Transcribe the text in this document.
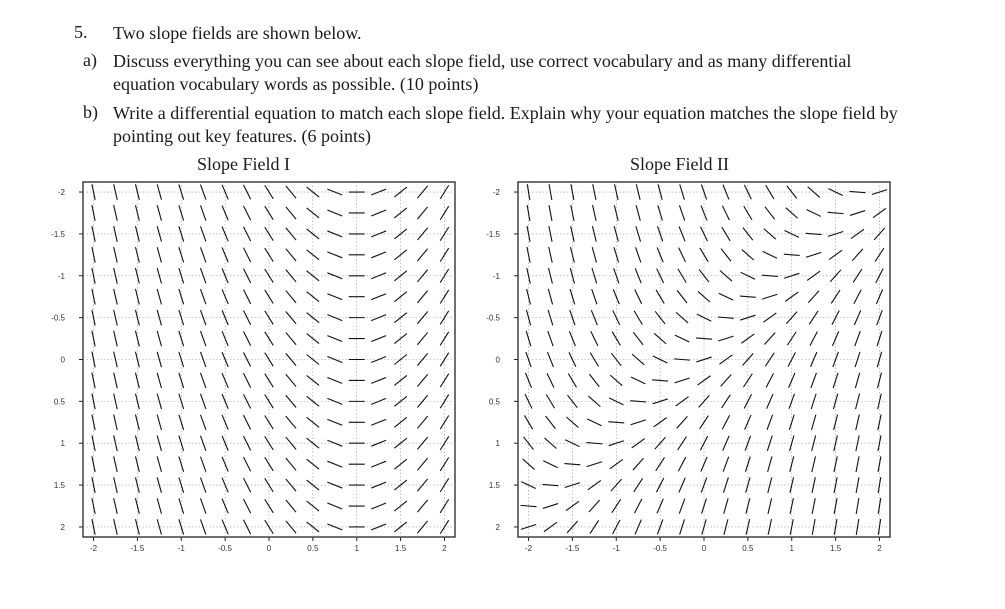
5. Two slope fields are shown below.
a) Discuss everything you can see about each slope field, use correct vocabulary and as many differential equation vocabulary words as possible. (10 points)
b) Write a differential equation to match each slope field. Explain why your equation matches the slope field by pointing out key features. (6 points)
Slope Field I	Slope Field II
-2
2
-1.5
1.5
-1
1
-0.5
0.5
0
0
0.5
-0.5
1
-1
1.5
-1.5
2
-2
-2
2
-1.5
1.5
-1
1
-0.5
0.5
0
0
0.5
-0.5
1
-1
1.5
-1.5
2
-2
